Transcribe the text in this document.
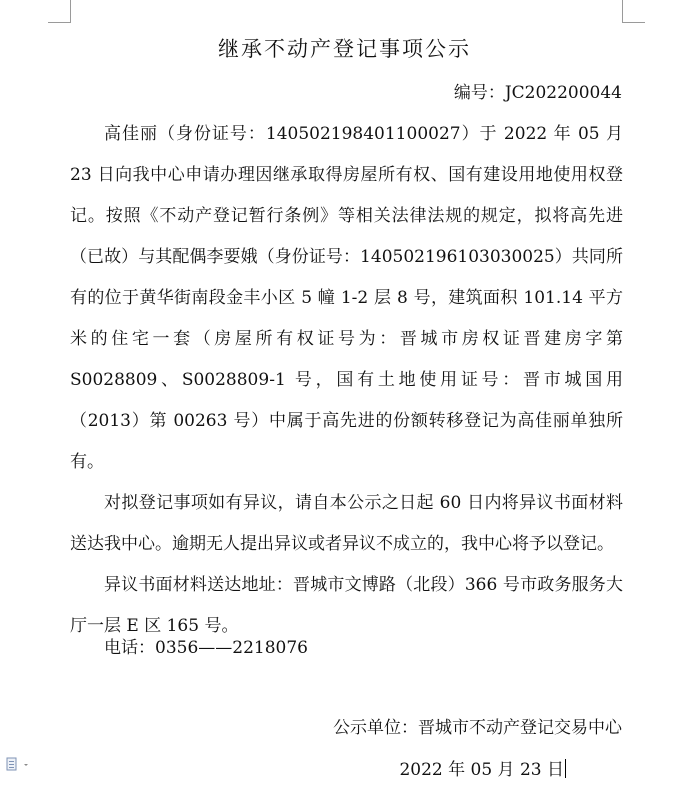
继承不动产登记事项公示
编号：JC202200044

高佳丽（身份证号：140502198401100027）于 2022 年 05 月 23 日向我中心申请办理因继承取得房屋所有权、国有建设用地使用权登记。按照《不动产登记暂行条例》等相关法律法规的规定，拟将高先进（已故）与其配偶李要娥（身份证号：140502196103030025）共同所有的位于黄华街南段金丰小区 5 幢 1-2 层 8 号，建筑面积 101.14 平方米的住宅一套（房屋所有权证号为：晋城市房权证晋建房字第 S0028809、S0028809-1 号，国有土地使用证号：晋市城国用（2013）第 00263 号）中属于高先进的份额转移登记为高佳丽单独所有。

对拟登记事项如有异议，请自本公示之日起 60 日内将异议书面材料送达我中心。逾期无人提出异议或者异议不成立的，我中心将予以登记。

异议书面材料送达地址：晋城市文博路（北段）366 号市政务服务大厅一层 E 区 165 号。

电话：0356——2218076
公示单位：晋城市不动产登记交易中心
2022 年 05 月 23 日
